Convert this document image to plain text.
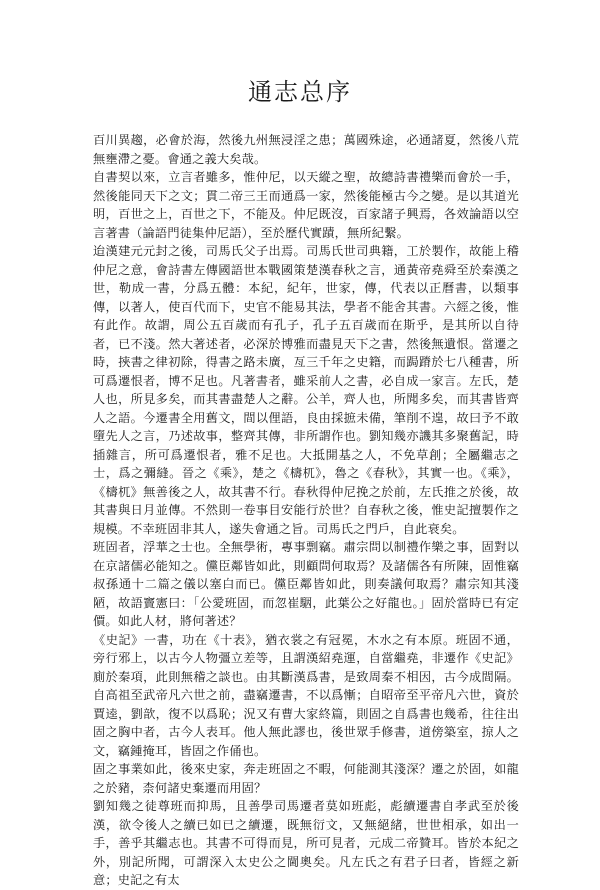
通志总序

百川異趨，必會於海，然後九州無浸淫之患；萬國殊途，必通諸夏，然後八荒無壅滯之憂。會通之義大矣哉。

自書契以來，立言者雖多，惟仲尼，以天縱之聖，故總詩書禮樂而會於一手，然後能同天下之文；貫二帝三王而通爲一家，然後能極古今之變。是以其道光明，百世之上，百世之下，不能及。仲尼既沒，百家諸子興焉，各效論語以空言著書（論語門徒集仲尼語），至於歷代實蹟，無所紀繫。

迨漢建元元封之後，司馬氏父子出焉。司馬氏世司典籍，工於製作，故能上稽仲尼之意，會詩書左傳國語世本戰國策楚漢春秋之言，通黃帝堯舜至於秦漢之世，勒成一書，分爲五體：本紀，紀年，世家，傳，代表以正曆書，以類事傳，以著人，使百代而下，史官不能易其法，學者不能舍其書。六經之後，惟有此作。故謂，周公五百歲而有孔子，孔子五百歲而在斯乎，是其所以自待者，已不淺。然大著述者，必深於博雅而盡見天下之書，然後無遺恨。當遷之時，挾書之律初除，得書之路未廣，亙三千年之史籍，而跼蹐於七八種書，所可爲遷恨者，博不足也。凡著書者，雖采前人之書，必自成一家言。左氏，楚人也，所見多矣，而其書盡楚人之辭。公羊，齊人也，所聞多矣，而其書皆齊人之語。今遷書全用舊文，間以俚語，良由採摭未備，筆削不遑，故曰予不敢墮先人之言，乃述故事，整齊其傳，非所謂作也。劉知幾亦譏其多聚舊記，時插雜言，所可爲遷恨者，雅不足也。大抵開基之人，不免草創；全屬繼志之士，爲之彌縫。晉之《乘》，楚之《檮杌》，魯之《春秋》，其實一也。《乘》，《檮杌》無善後之人，故其書不行。春秋得仲尼挽之於前，左氏推之於後，故其書與日月並傳。不然則一卷事目安能行於世？自春秋之後，惟史記擅製作之規模。不幸班固非其人，遂失會通之旨。司馬氏之門戶，自此衰矣。

班固者，浮華之士也。全無學術，專事剽竊。肅宗問以制禮作樂之事，固對以在京諸儒必能知之。儻臣鄰皆如此，則顧問何取焉？及諸儒各有所陳，固惟竊叔孫通十二篇之儀以塞白而已。儻臣鄰皆如此，則奏議何取焉？肅宗知其淺陋，故語竇憲曰：「公愛班固，而忽崔駰，此葉公之好龍也。」固於當時已有定價。如此人材，將何著述？

《史記》一書，功在《十表》，猶衣裳之有冠冕，木水之有本原。班固不通，旁行邪上，以古今人物彊立差等，且謂漢紹堯運，自當繼堯，非遷作《史記》廁於秦項，此則無稽之談也。由其斷漢爲書，是致周秦不相因，古今成間隔。自高祖至武帝凡六世之前，盡竊遷書，不以爲慚；自昭帝至平帝凡六世，資於賈逵，劉歆，復不以爲恥；況又有曹大家終篇，則固之自爲書也幾希，往往出固之胸中者，古今人表耳。他人無此謬也，後世眾手修書，道傍築室，掠人之文，竊鍾掩耳，皆固之作俑也。

固之事業如此，後來史家，奔走班固之不暇，何能測其淺深？遷之於固，如龍之於豬，柰何諸史棄遷而用固？

劉知幾之徒尊班而抑馬，且善學司馬遷者莫如班彪，彪續遷書自孝武至於後漢，欲令後人之續已如已之續遷，既無衍文，又無絕緒，世世相承，如出一手，善乎其繼志也。其書不可得而見，所可見者，元成二帝贊耳。皆於本紀之外，別記所聞，可謂深入太史公之閫奧矣。凡左氏之有君子曰者，皆經之新意；史記之有太
